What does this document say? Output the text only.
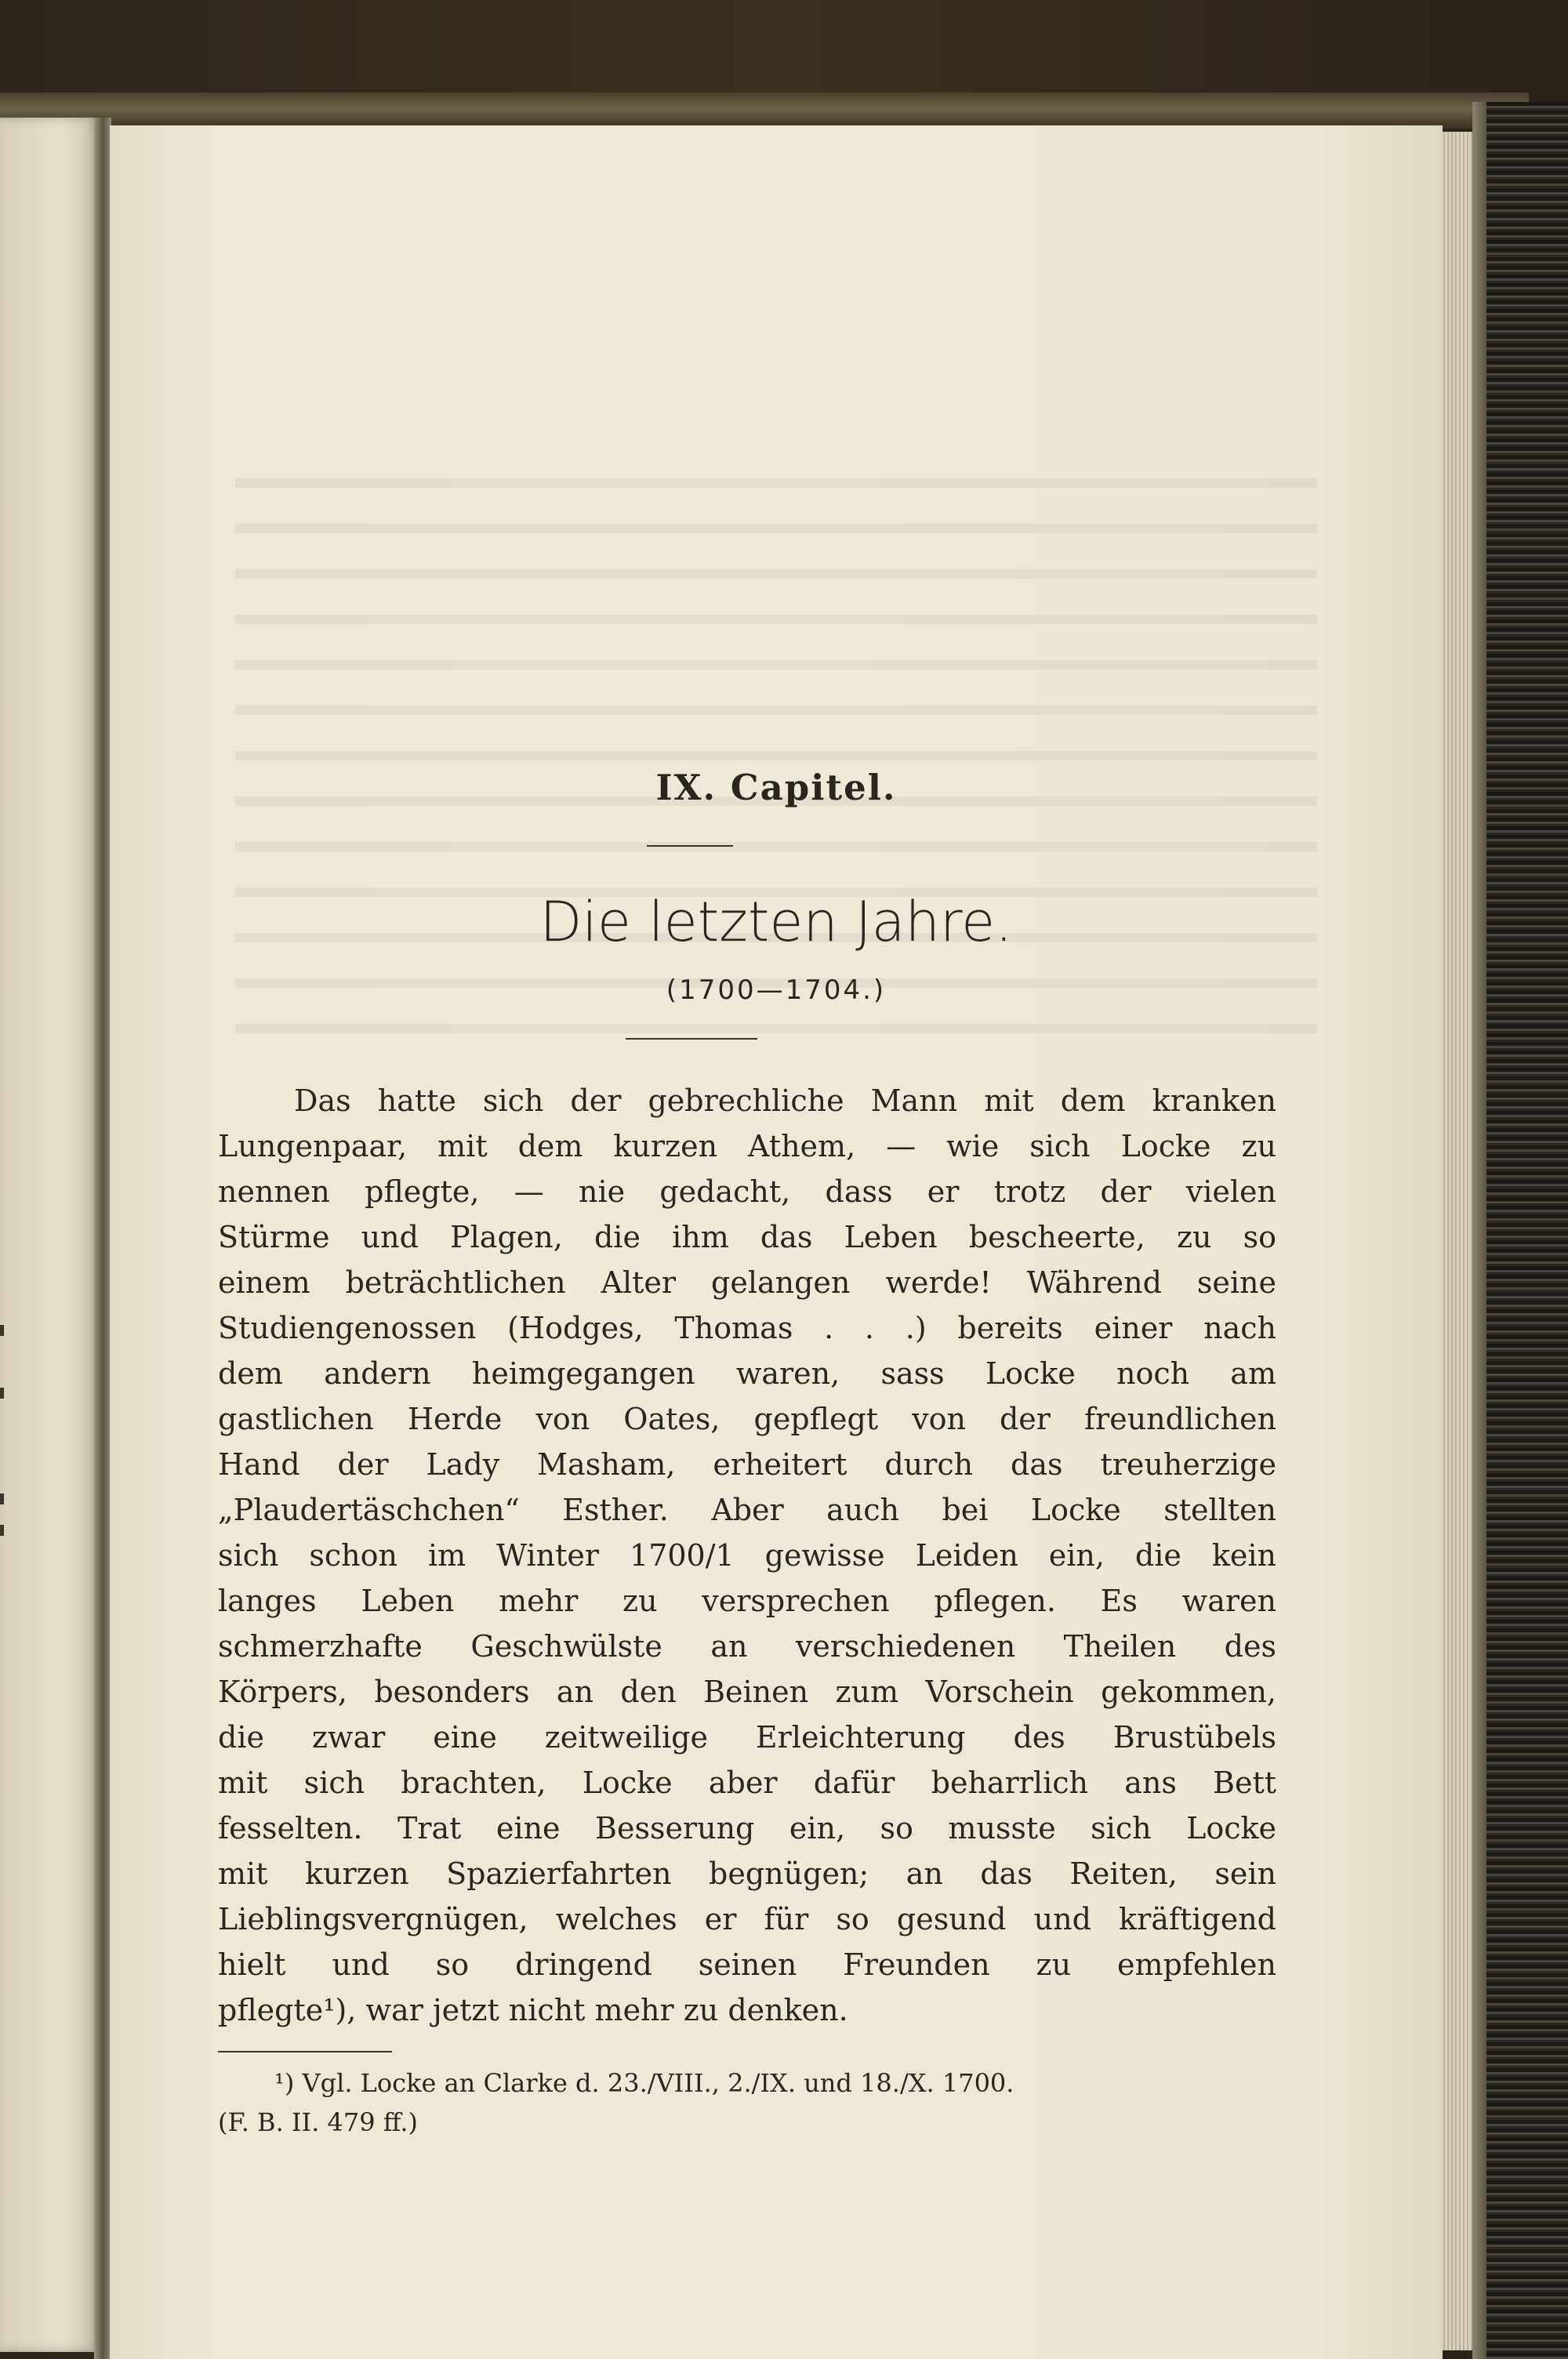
IX. Capitel.
Die letzten Jahre.
(1700—1704.)
Das hatte sich der gebrechliche Mann mit dem kranken
Lungenpaar, mit dem kurzen Athem, — wie sich Locke zu
nennen pflegte, — nie gedacht, dass er trotz der vielen
Stürme und Plagen, die ihm das Leben bescheerte, zu so
einem beträchtlichen Alter gelangen werde! Während seine
Studiengenossen (Hodges, Thomas . . .) bereits einer nach
dem andern heimgegangen waren, sass Locke noch am
gastlichen Herde von Oates, gepflegt von der freundlichen
Hand der Lady Masham, erheitert durch das treuherzige
„Plaudertäschchen“ Esther. Aber auch bei Locke stellten
sich schon im Winter 1700/1 gewisse Leiden ein, die kein
langes Leben mehr zu versprechen pflegen. Es waren
schmerzhafte Geschwülste an verschiedenen Theilen des
Körpers, besonders an den Beinen zum Vorschein gekommen,
die zwar eine zeitweilige Erleichterung des Brustübels
mit sich brachten, Locke aber dafür beharrlich ans Bett
fesselten. Trat eine Besserung ein, so musste sich Locke
mit kurzen Spazierfahrten begnügen; an das Reiten, sein
Lieblingsvergnügen, welches er für so gesund und kräftigend
hielt und so dringend seinen Freunden zu empfehlen
pflegte¹), war jetzt nicht mehr zu denken.
¹) Vgl. Locke an Clarke d. 23./VIII., 2./IX. und 18./X. 1700.
(F. B. II. 479 ff.)
